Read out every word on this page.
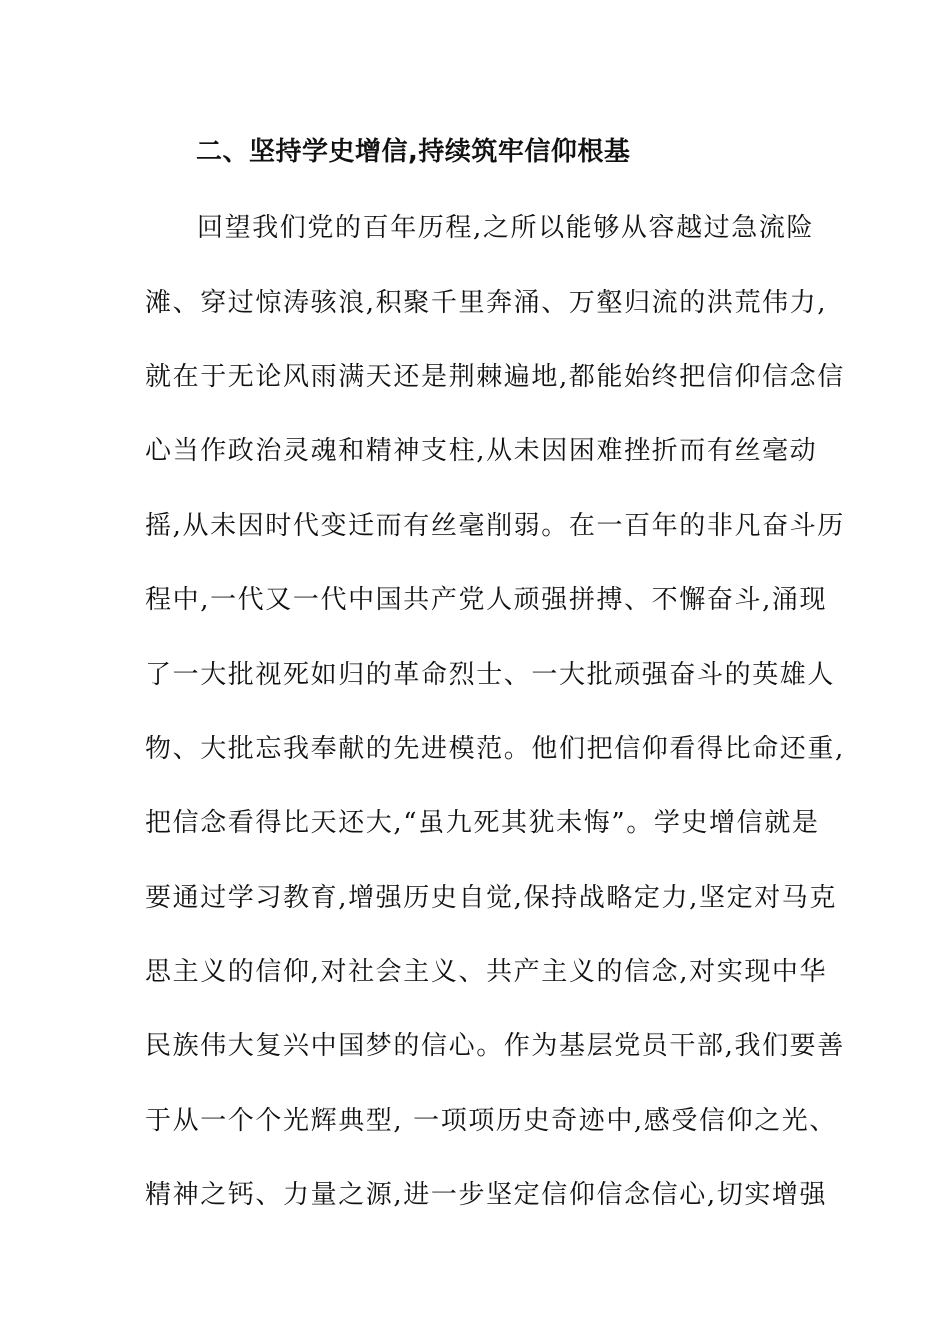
二、坚持学史增信,持续筑牢信仰根基
回望我们党的百年历程,之所以能够从容越过急流险
滩、穿过惊涛骇浪,积聚千里奔涌、万壑归流的洪荒伟力,
就在于无论风雨满天还是荆棘遍地,都能始终把信仰信念信
心当作政治灵魂和精神支柱,从未因困难挫折而有丝毫动
摇,从未因时代变迁而有丝毫削弱。在一百年的非凡奋斗历
程中,一代又一代中国共产党人顽强拼搏、不懈奋斗,涌现
了一大批视死如归的革命烈士、一大批顽强奋斗的英雄人
物、大批忘我奉献的先进模范。他们把信仰看得比命还重,
把信念看得比天还大,“虽九死其犹未悔”。学史增信就是
要通过学习教育,增强历史自觉,保持战略定力,坚定对马克
思主义的信仰,对社会主义、共产主义的信念,对实现中华
民族伟大复兴中国梦的信心。作为基层党员干部,我们要善
于从一个个光辉典型, 一项项历史奇迹中,感受信仰之光、
精神之钙、力量之源,进一步坚定信仰信念信心,切实增强
